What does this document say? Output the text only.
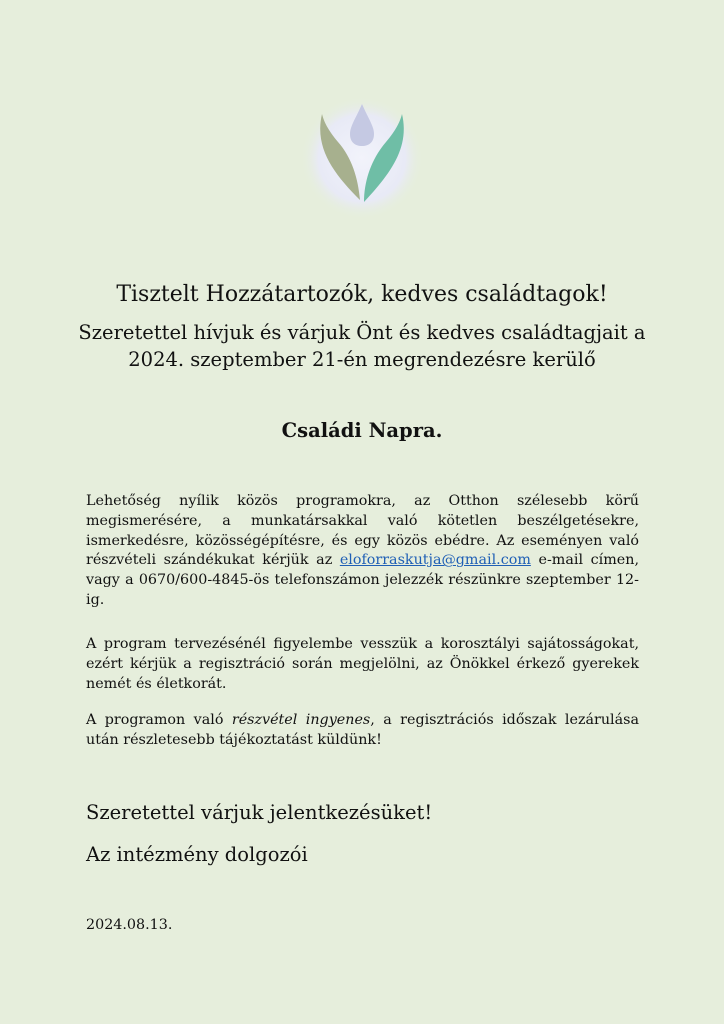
Tisztelt Hozzátartozók, kedves családtagok!

Szeretettel hívjuk és várjuk Önt és kedves családtagjait a 2024. szeptember 21-én megrendezésre kerülő

Családi Napra.

Lehetőség nyílik közös programokra, az Otthon szélesebb körű megismerésére, a munkatársakkal való kötetlen beszélgetésekre, ismerkedésre, közösségépítésre, és egy közös ebédre. Az eseményen való részvételi szándékukat kérjük az eloforraskutja@gmail.com e-mail címen, vagy a 0670/600-4845-ös telefonszámon jelezzék részünkre szeptember 12-ig.

A program tervezésénél figyelembe vesszük a korosztályi sajátosságokat, ezért kérjük a regisztráció során megjelölni, az Önökkel érkező gyerekek nemét és életkorát.

A programon való részvétel ingyenes, a regisztrációs időszak lezárulása után részletesebb tájékoztatást küldünk!

Szeretettel várjuk jelentkezésüket!

Az intézmény dolgozói

2024.08.13.
